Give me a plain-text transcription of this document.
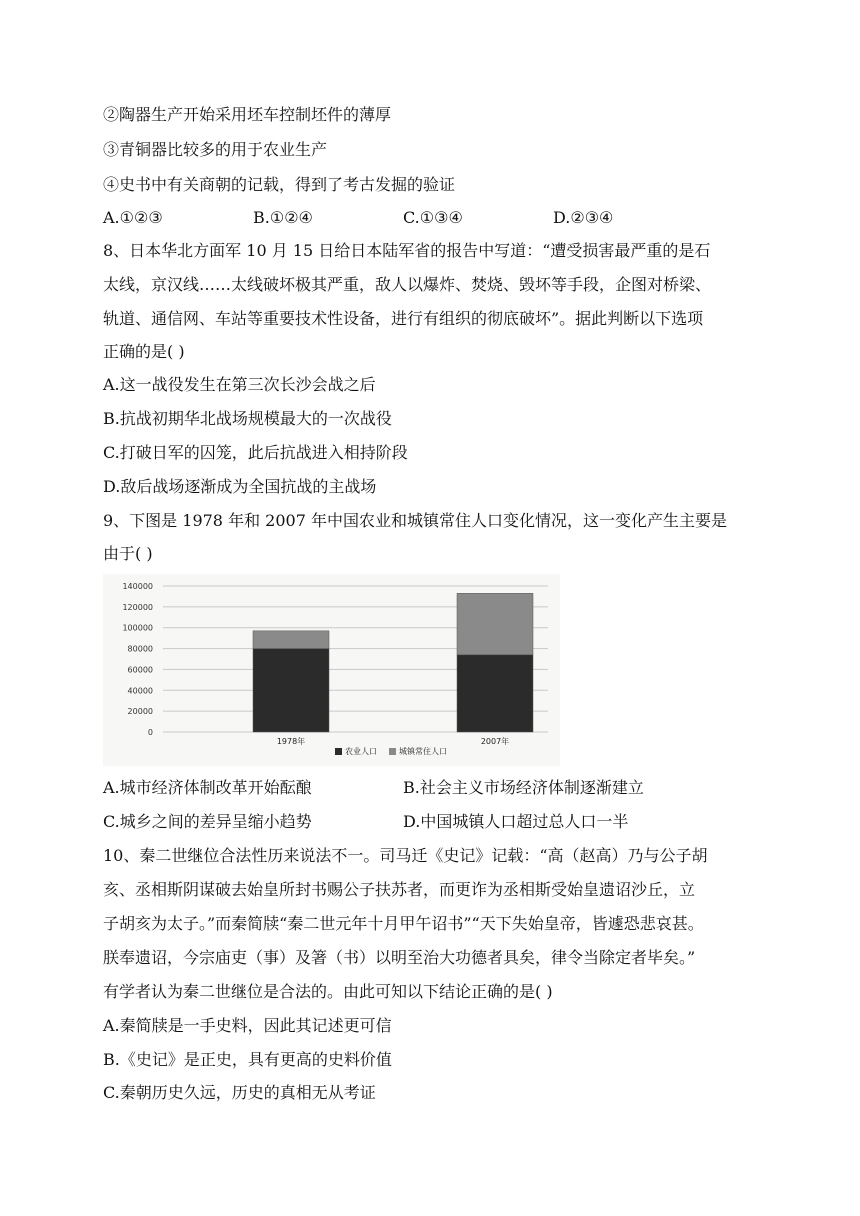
②陶器生产开始采用坯车控制坯件的薄厚
③青铜器比较多的用于农业生产
④史书中有关商朝的记载，得到了考古发掘的验证
A.①②③	B.①②④	C.①③④	D.②③④
8、日本华北方面军 10 月 15 日给日本陆军省的报告中写道：“遭受损害最严重的是石
太线，京汉线……太线破坏极其严重，敌人以爆炸、焚烧、毁坏等手段，企图对桥梁、
轨道、通信网、车站等重要技术性设备，进行有组织的彻底破坏”。据此判断以下选项
正确的是( )
A.这一战役发生在第三次长沙会战之后
B.抗战初期华北战场规模最大的一次战役
C.打破日军的囚笼，此后抗战进入相持阶段
D.敌后战场逐渐成为全国抗战的主战场
9、下图是 1978 年和 2007 年中国农业和城镇常住人口变化情况，这一变化产生主要是
由于( )
140000
120000
100000
80000
60000
40000
20000
0
1978年	2007年
农业人口	城镇常住人口
A.城市经济体制改革开始酝酿	B.社会主义市场经济体制逐渐建立
C.城乡之间的差异呈缩小趋势	D.中国城镇人口超过总人口一半
10、秦二世继位合法性历来说法不一。司马迁《史记》记载：“高（赵高）乃与公子胡
亥、丞相斯阴谋破去始皇所封书赐公子扶苏者，而更诈为丞相斯受始皇遗诏沙丘，立
子胡亥为太子。”而秦简牍“秦二世元年十月甲午诏书”“天下失始皇帝，皆遽恐悲哀甚。
朕奉遗诏，今宗庙吏（事）及箸（书）以明至治大功德者具矣，律令当除定者毕矣。”
有学者认为秦二世继位是合法的。由此可知以下结论正确的是( )
A.秦简牍是一手史料，因此其记述更可信
B.《史记》是正史，具有更高的史料价值
C.秦朝历史久远，历史的真相无从考证
